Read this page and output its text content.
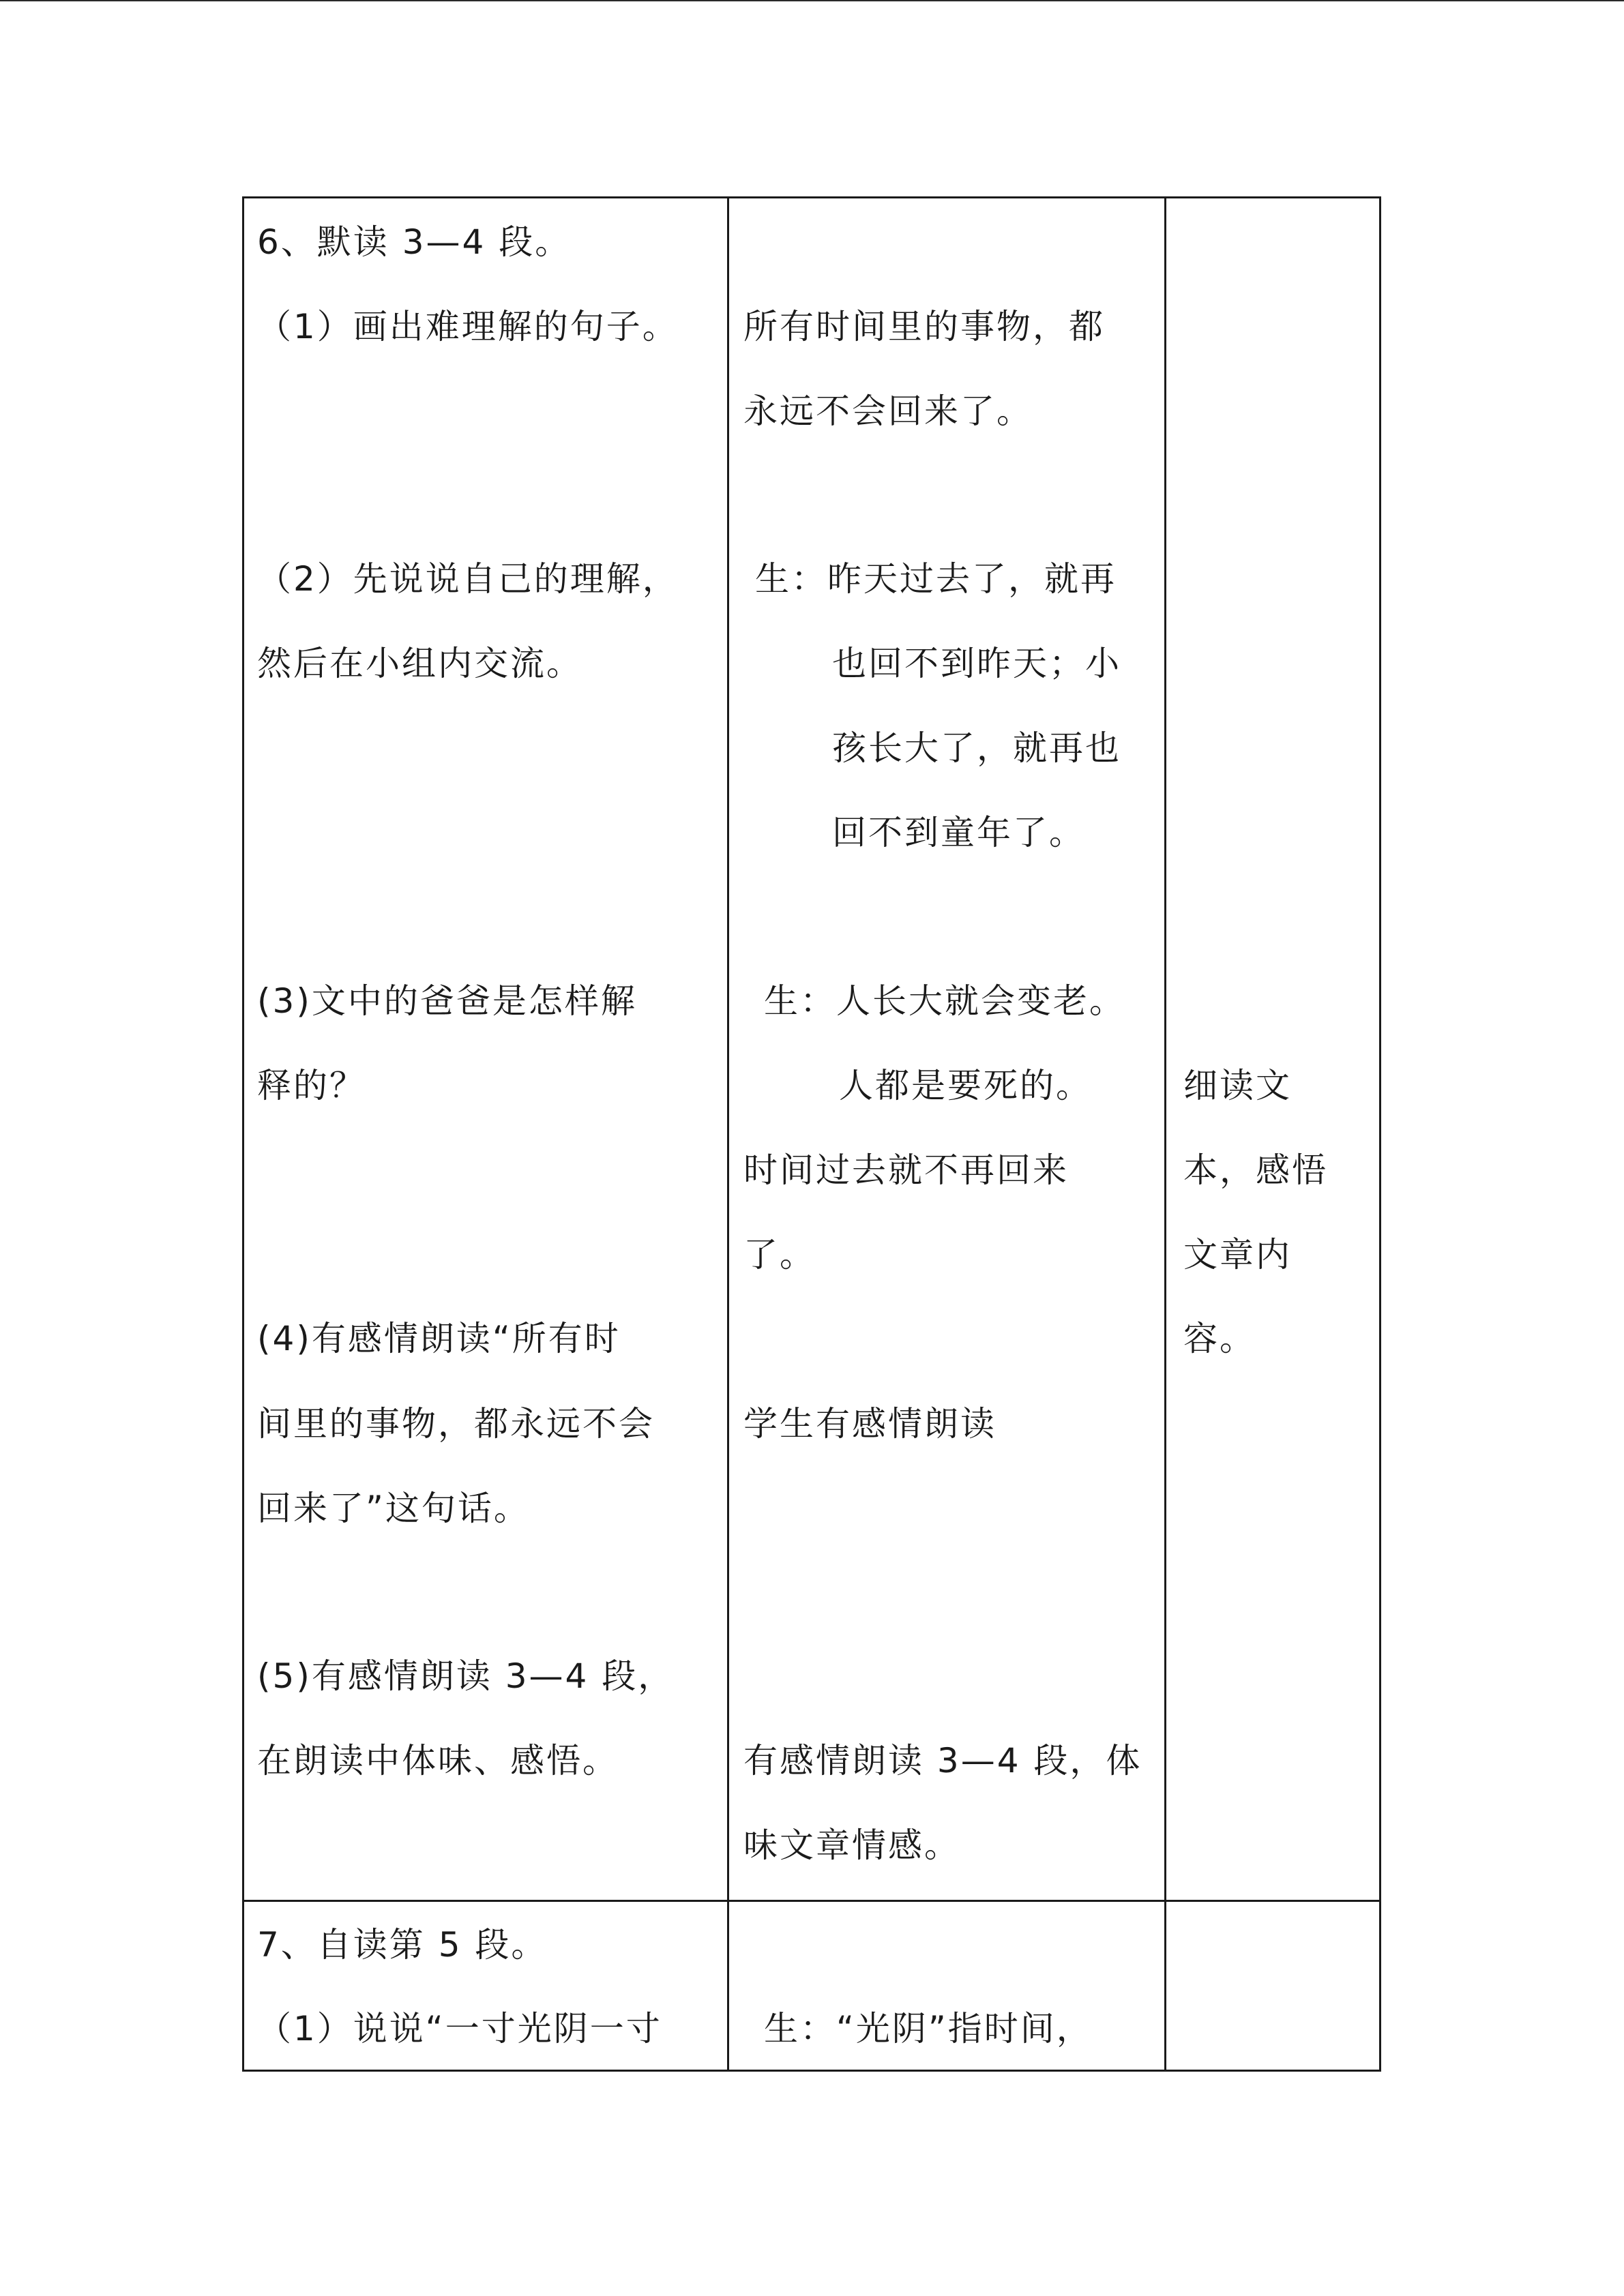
6、默读 3—4 段。
（1）画出难理解的句子。
（2）先说说自己的理解，
然后在小组内交流。
(3)文中的爸爸是怎样解
释的？
(4)有感情朗读“所有时
间里的事物，都永远不会
回来了”这句话。
(5)有感情朗读 3—4 段，
在朗读中体味、感悟。
所有时间里的事物，都
永远不会回来了。
生：昨天过去了，就再
也回不到昨天；小
孩长大了，就再也
回不到童年了。
生：人长大就会变老。
人都是要死的。
时间过去就不再回来
了。
学生有感情朗读
有感情朗读 3—4 段，体
味文章情感。
细读文
本，感悟
文章内
容。
7、自读第 5 段。
（1）说说“一寸光阴一寸	生：“光阴”指时间，
